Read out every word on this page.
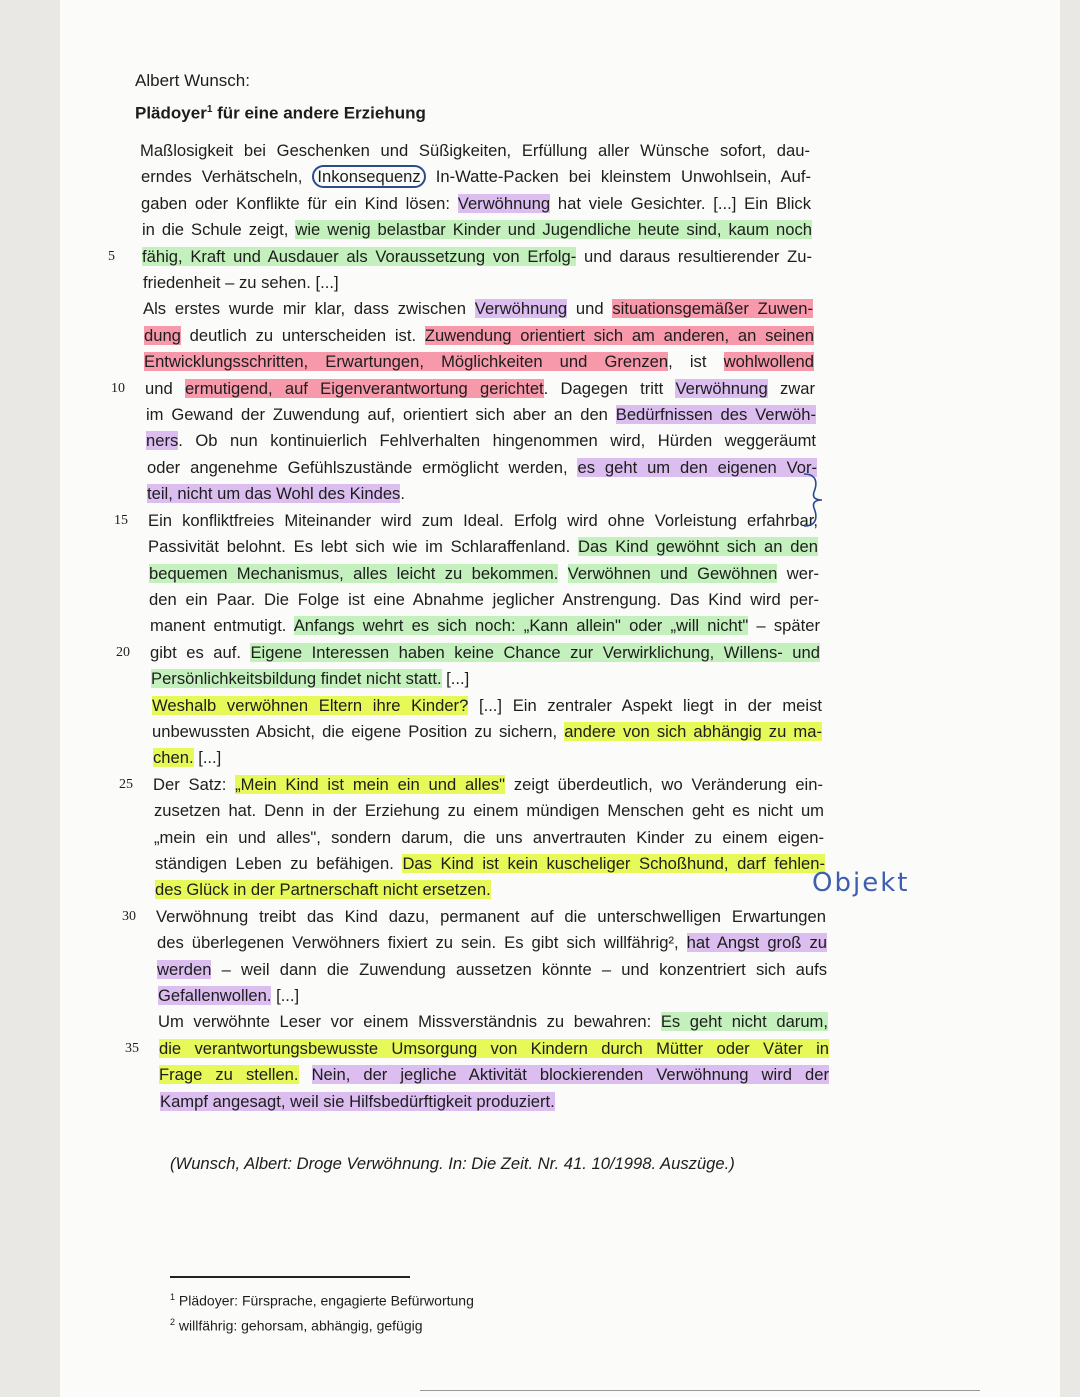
Albert Wunsch:
Plädoyer$^1$ für eine andere Erziehung
Maßlosigkeit bei Geschenken und Süßigkeiten, Erfüllung aller Wünsche sofort, dau-
erndes Verhätscheln, Inkonsequenz In-Watte-Packen bei kleinstem Unwohlsein, Auf-
gaben oder Konflikte für ein Kind lösen: Verwöhnung hat viele Gesichter. [...] Ein Blick
in die Schule zeigt, wie wenig belastbar Kinder und Jugendliche heute sind, kaum noch
5	fähig, Kraft und Ausdauer als Voraussetzung von Erfolg- und daraus resultierender Zu-
friedenheit – zu sehen. [...]
Als erstes wurde mir klar, dass zwischen Verwöhnung und situationsgemäßer Zuwen-
dung deutlich zu unterscheiden ist. Zuwendung orientiert sich am anderen, an seinen
Entwicklungsschritten, Erwartungen, Möglichkeiten und Grenzen, ist wohlwollend
10	und ermutigend, auf Eigenverantwortung gerichtet. Dagegen tritt Verwöhnung zwar
im Gewand der Zuwendung auf, orientiert sich aber an den Bedürfnissen des Verwöh-
ners. Ob nun kontinuierlich Fehlverhalten hingenommen wird, Hürden weggeräumt
oder angenehme Gefühlszustände ermöglicht werden, es geht um den eigenen Vor-
teil, nicht um das Wohl des Kindes.
15	Ein konfliktfreies Miteinander wird zum Ideal. Erfolg wird ohne Vorleistung erfahrbar,
Passivität belohnt. Es lebt sich wie im Schlaraffenland. Das Kind gewöhnt sich an den
bequemen Mechanismus, alles leicht zu bekommen. Verwöhnen und Gewöhnen wer-
den ein Paar. Die Folge ist eine Abnahme jeglicher Anstrengung. Das Kind wird per-
manent entmutigt. Anfangs wehrt es sich noch: „Kann allein" oder „will nicht" – später
20	gibt es auf. Eigene Interessen haben keine Chance zur Verwirklichung, Willens- und
Persönlichkeitsbildung findet nicht statt. [...]
Weshalb verwöhnen Eltern ihre Kinder? [...] Ein zentraler Aspekt liegt in der meist
unbewussten Absicht, die eigene Position zu sichern, andere von sich abhängig zu ma-
chen. [...]
25	Der Satz: „Mein Kind ist mein ein und alles" zeigt überdeutlich, wo Veränderung ein-
zusetzen hat. Denn in der Erziehung zu einem mündigen Menschen geht es nicht um
„mein ein und alles", sondern darum, die uns anvertrauten Kinder zu einem eigen-
ständigen Leben zu befähigen. Das Kind ist kein kuscheliger Schoßhund, darf fehlen-
des Glück in der Partnerschaft nicht ersetzen.
30	Verwöhnung treibt das Kind dazu, permanent auf die unterschwelligen Erwartungen
des überlegenen Verwöhners fixiert zu sein. Es gibt sich willfährig², hat Angst groß zu
werden – weil dann die Zuwendung aussetzen könnte – und konzentriert sich aufs
Gefallenwollen. [...]
Um verwöhnte Leser vor einem Missverständnis zu bewahren: Es geht nicht darum,
35	die verantwortungsbewusste Umsorgung von Kindern durch Mütter oder Väter in
Frage zu stellen. Nein, der jegliche Aktivität blockierenden Verwöhnung wird der
Kampf angesagt, weil sie Hilfsbedürftigkeit produziert.
Objekt
(Wunsch, Albert: Droge Verwöhnung. In: Die Zeit. Nr. 41. 10/1998. Auszüge.)
$^1$ Plädoyer: Fürsprache, engagierte Befürwortung
$^2$ willfährig: gehorsam, abhängig, gefügig
